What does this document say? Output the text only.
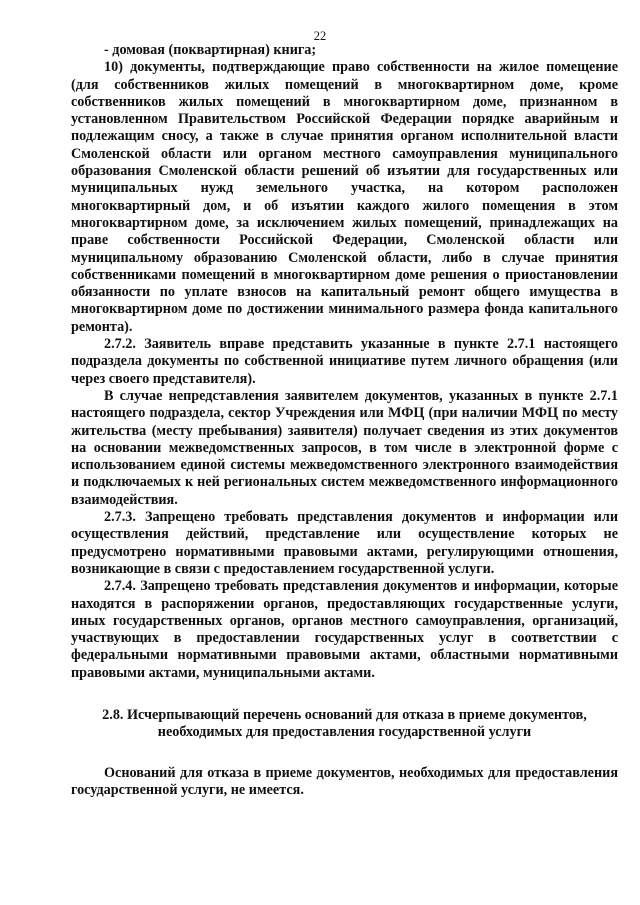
22

- домовая (поквартирная) книга;

10) документы, подтверждающие право собственности на жилое помещение (для собственников жилых помещений в многоквартирном доме, кроме собственников жилых помещений в многоквартирном доме, признанном в установленном Правительством Российской Федерации порядке аварийным и подлежащим сносу, а также в случае принятия органом исполнительной власти Смоленской области или органом местного самоуправления муниципального образования Смоленской области решений об изъятии для государственных или муниципальных нужд земельного участка, на котором расположен многоквартирный дом, и об изъятии каждого жилого помещения в этом многоквартирном доме, за исключением жилых помещений, принадлежащих на праве собственности Российской Федерации, Смоленской области или муниципальному образованию Смоленской области, либо в случае принятия собственниками помещений в многоквартирном доме решения о приостановлении обязанности по уплате взносов на капитальный ремонт общего имущества в многоквартирном доме по достижении минимального размера фонда капитального ремонта).

2.7.2. Заявитель вправе представить указанные в пункте 2.7.1 настоящего подраздела документы по собственной инициативе путем личного обращения (или через своего представителя).

В случае непредставления заявителем документов, указанных в пункте 2.7.1 настоящего подраздела, сектор Учреждения или МФЦ (при наличии МФЦ по месту жительства (месту пребывания) заявителя) получает сведения из этих документов на основании межведомственных запросов, в том числе в электронной форме с использованием единой системы межведомственного электронного взаимодействия и подключаемых к ней региональных систем межведомственного информационного взаимодействия.

2.7.3. Запрещено требовать представления документов и информации или осуществления действий, представление или осуществление которых не предусмотрено нормативными правовыми актами, регулирующими отношения, возникающие в связи с предоставлением государственной услуги.

2.7.4. Запрещено требовать представления документов и информации, которые находятся в распоряжении органов, предоставляющих государственные услуги, иных государственных органов, органов местного самоуправления, организаций, участвующих в предоставлении государственных услуг в соответствии с федеральными нормативными правовыми актами, областными нормативными правовыми актами, муниципальными актами.

2.8. Исчерпывающий перечень оснований для отказа в приеме документов, необходимых для предоставления государственной услуги

Оснований для отказа в приеме документов, необходимых для предоставления государственной услуги, не имеется.
